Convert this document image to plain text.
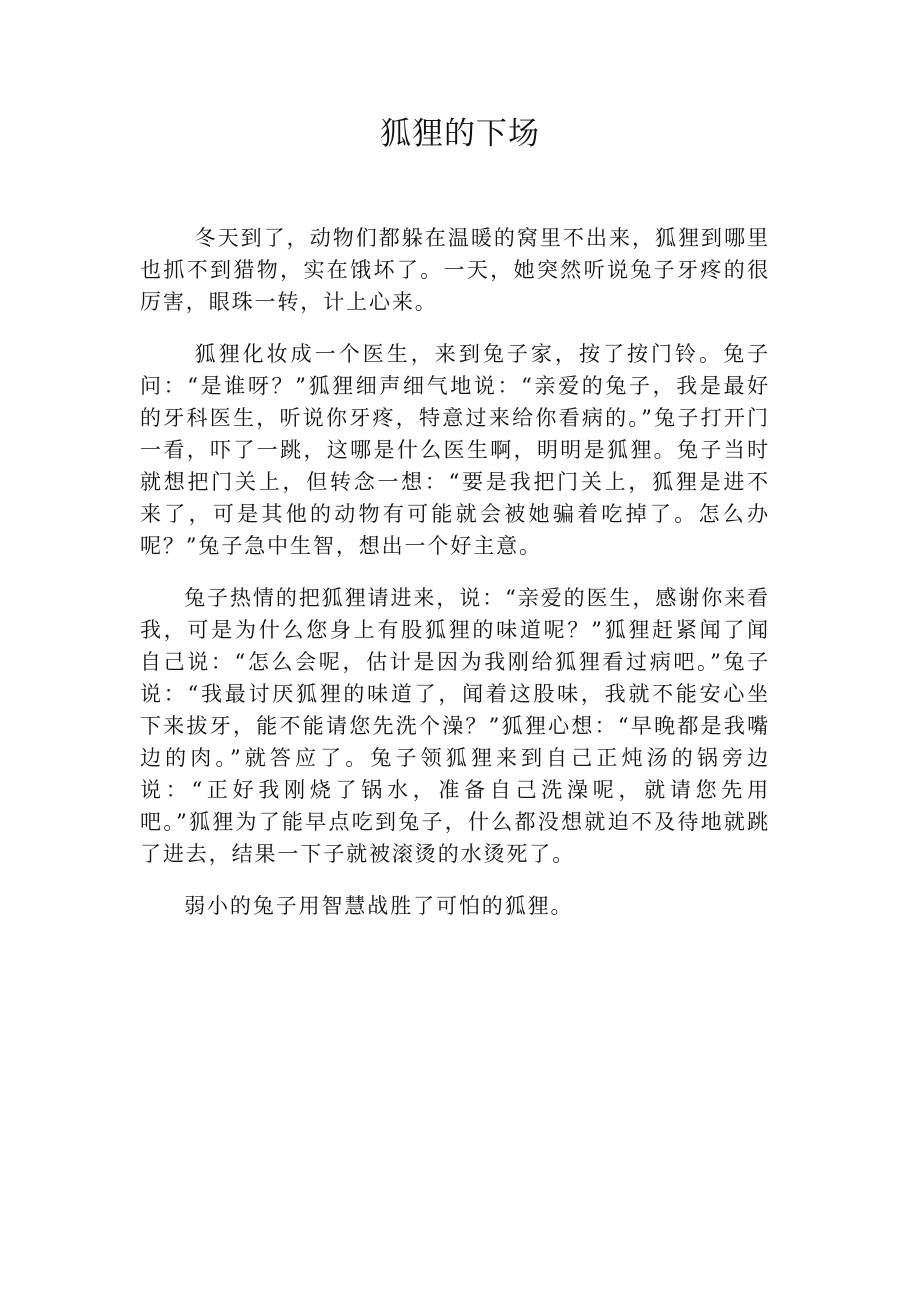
狐狸的下场

冬天到了，动物们都躲在温暖的窝里不出来，狐狸到哪里也抓不到猎物，实在饿坏了。一天，她突然听说兔子牙疼的很厉害，眼珠一转，计上心来。

狐狸化妆成一个医生，来到兔子家，按了按门铃。兔子问：“是谁呀？”狐狸细声细气地说：“亲爱的兔子，我是最好的牙科医生，听说你牙疼，特意过来给你看病的。”兔子打开门一看，吓了一跳，这哪是什么医生啊，明明是狐狸。兔子当时就想把门关上，但转念一想：“要是我把门关上，狐狸是进不来了，可是其他的动物有可能就会被她骗着吃掉了。怎么办呢？”兔子急中生智，想出一个好主意。

兔子热情的把狐狸请进来，说：“亲爱的医生，感谢你来看我，可是为什么您身上有股狐狸的味道呢？”狐狸赶紧闻了闻自己说：“怎么会呢，估计是因为我刚给狐狸看过病吧。”兔子说：“我最讨厌狐狸的味道了，闻着这股味，我就不能安心坐下来拔牙，能不能请您先洗个澡？”狐狸心想：“早晚都是我嘴边的肉。”就答应了。兔子领狐狸来到自己正炖汤的锅旁边说：“正好我刚烧了锅水，准备自己洗澡呢，就请您先用吧。”狐狸为了能早点吃到兔子，什么都没想就迫不及待地就跳了进去，结果一下子就被滚烫的水烫死了。

弱小的兔子用智慧战胜了可怕的狐狸。
